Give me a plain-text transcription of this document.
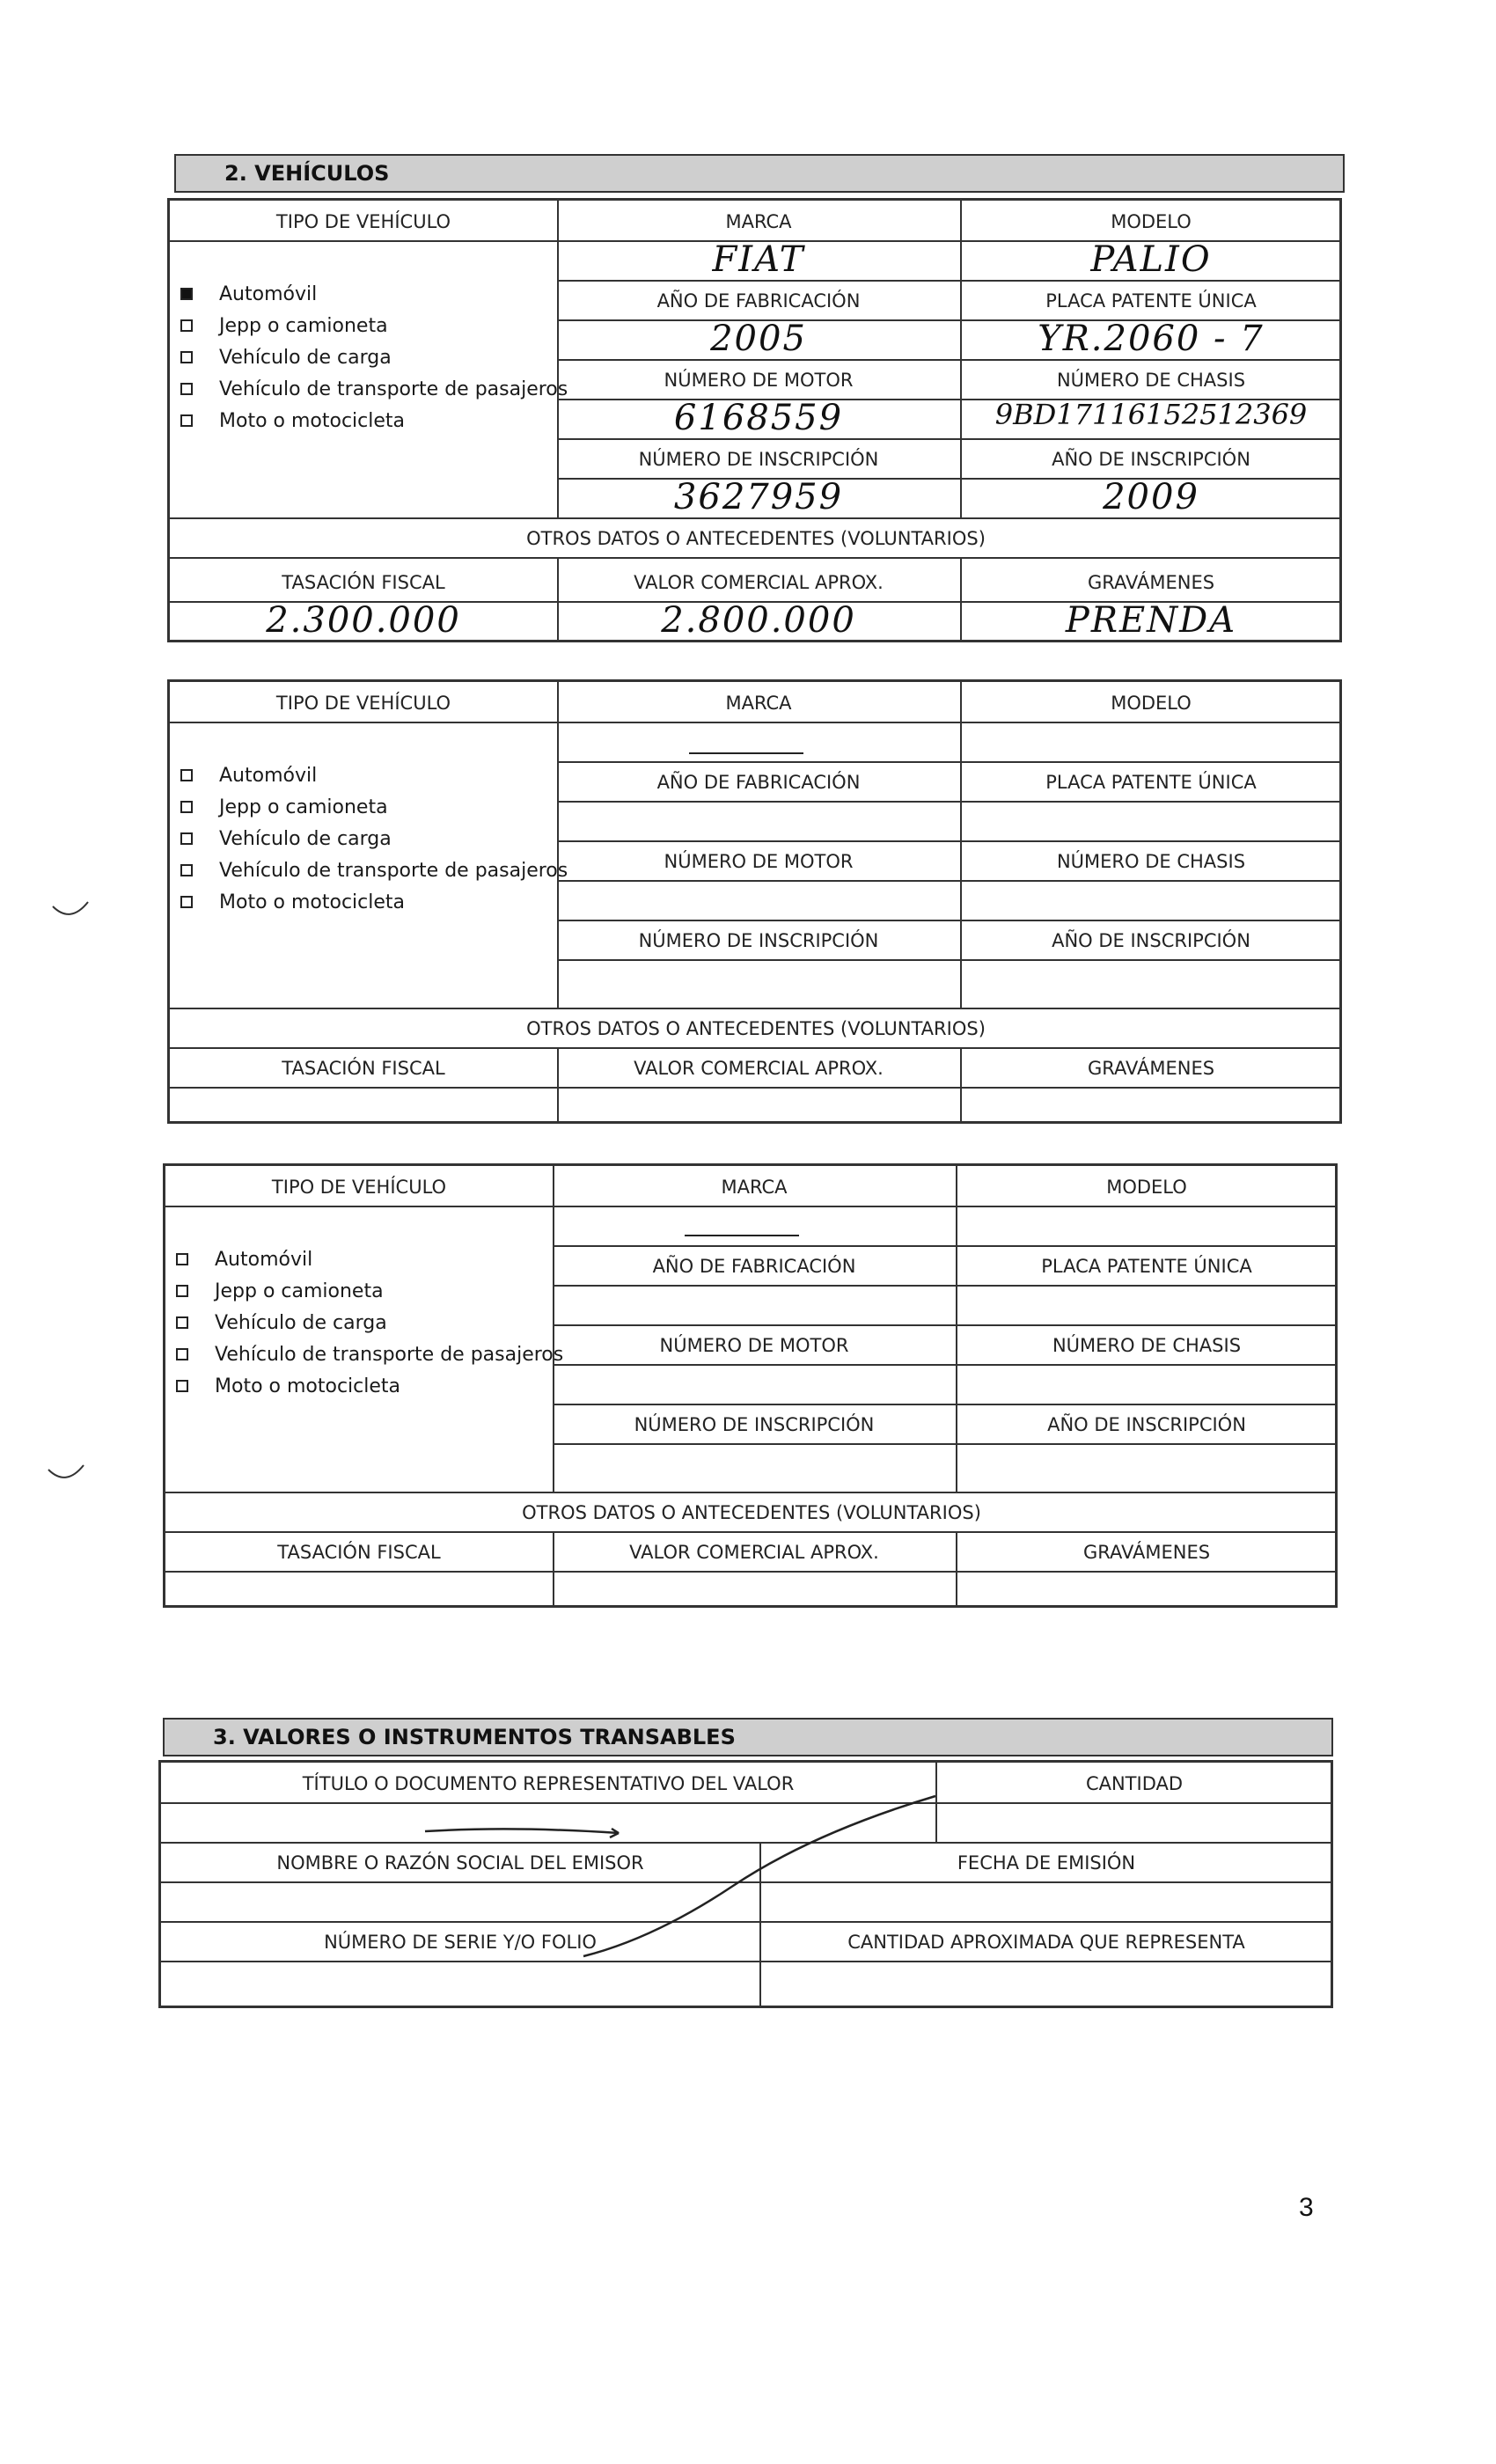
2. VEHÍCULOS
TIPO DE VEHÍCULO	MARCA	MODELO
FIAT	PALIO
AÑO DE FABRICACIÓN	PLACA PATENTE ÚNICA
2005	YR.2060 - 7
NÚMERO DE MOTOR	NÚMERO DE CHASIS
6168559	9BD17116152512369
NÚMERO DE INSCRIPCIÓN	AÑO DE INSCRIPCIÓN
3627959	2009
OTROS DATOS O ANTECEDENTES (VOLUNTARIOS)
TASACIÓN FISCAL	VALOR COMERCIAL APROX.	GRAVÁMENES
2.300.000	2.800.000	PRENDA
Automóvil
Jepp o camioneta
Vehículo de carga
Vehículo de transporte de pasajeros
Moto o motocicleta
TIPO DE VEHÍCULO	MARCA	MODELO
AÑO DE FABRICACIÓN	PLACA PATENTE ÚNICA
NÚMERO DE MOTOR	NÚMERO DE CHASIS
NÚMERO DE INSCRIPCIÓN	AÑO DE INSCRIPCIÓN
OTROS DATOS O ANTECEDENTES (VOLUNTARIOS)
TASACIÓN FISCAL	VALOR COMERCIAL APROX.	GRAVÁMENES
Automóvil
Jepp o camioneta
Vehículo de carga
Vehículo de transporte de pasajeros
Moto o motocicleta
TIPO DE VEHÍCULO	MARCA	MODELO
AÑO DE FABRICACIÓN	PLACA PATENTE ÚNICA
NÚMERO DE MOTOR	NÚMERO DE CHASIS
NÚMERO DE INSCRIPCIÓN	AÑO DE INSCRIPCIÓN
OTROS DATOS O ANTECEDENTES (VOLUNTARIOS)
TASACIÓN FISCAL	VALOR COMERCIAL APROX.	GRAVÁMENES
Automóvil
Jepp o camioneta
Vehículo de carga
Vehículo de transporte de pasajeros
Moto o motocicleta
3. VALORES O INSTRUMENTOS TRANSABLES
TÍTULO O DOCUMENTO REPRESENTATIVO DEL VALOR	CANTIDAD
NOMBRE O RAZÓN SOCIAL DEL EMISOR	FECHA DE EMISIÓN
NÚMERO DE SERIE Y/O FOLIO	CANTIDAD APROXIMADA QUE REPRESENTA
3
